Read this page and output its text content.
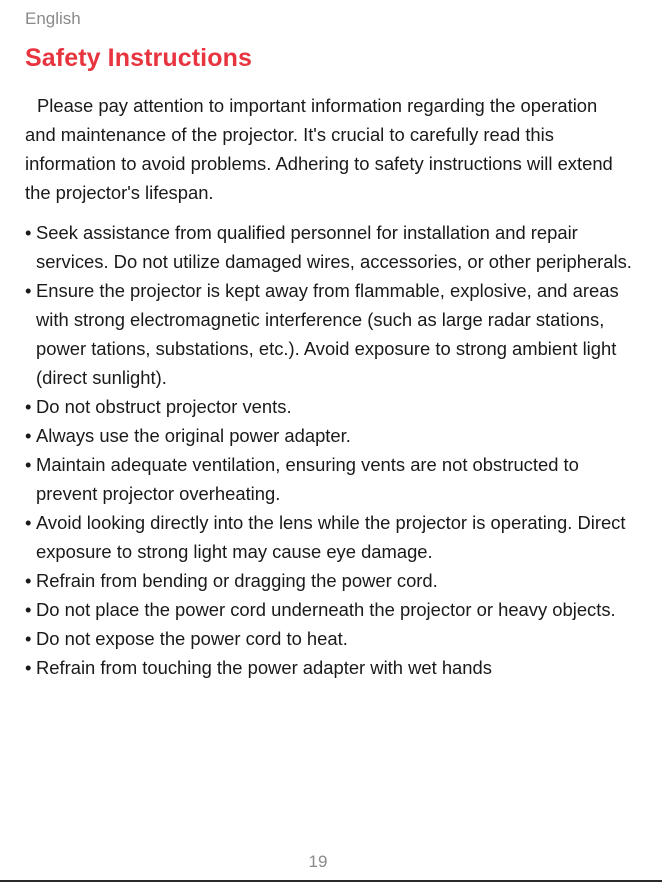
English
Safety Instructions

Please pay attention to important information regarding the operation and maintenance of the projector. It's crucial to carefully read this information to avoid problems. Adhering to safety instructions will extend the projector's lifespan.

• Seek assistance from qualified personnel for installation and repair services. Do not utilize damaged wires, accessories, or other peripherals.
• Ensure the projector is kept away from flammable, explosive, and areas with strong electromagnetic interference (such as large radar stations, power tations, substations, etc.). Avoid exposure to strong ambient light (direct sunlight).
• Do not obstruct projector vents.
• Always use the original power adapter.
• Maintain adequate ventilation, ensuring vents are not obstructed to prevent projector overheating.
• Avoid looking directly into the lens while the projector is operating. Direct exposure to strong light may cause eye damage.
• Refrain from bending or dragging the power cord.
• Do not place the power cord underneath the projector or heavy objects.
• Do not expose the power cord to heat.
• Refrain from touching the power adapter with wet hands
19
